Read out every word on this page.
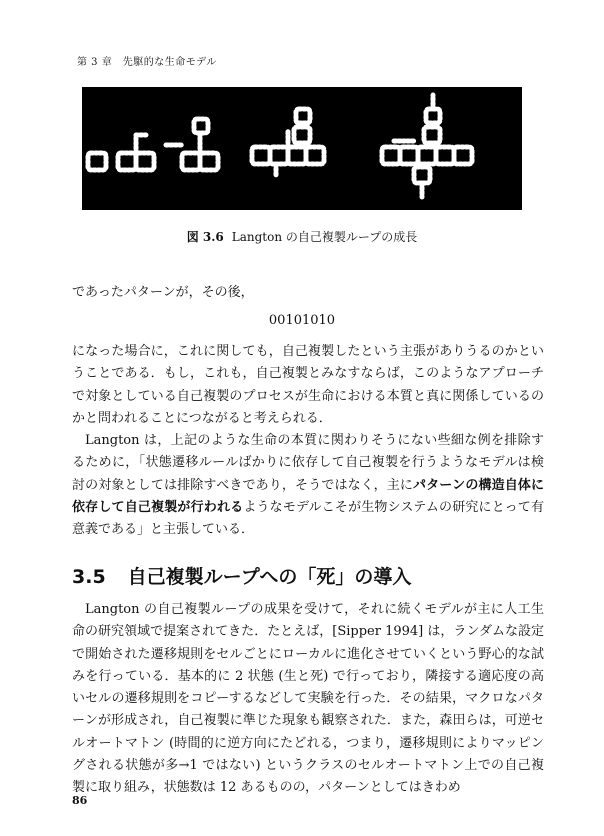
第 3 章　先駆的な生命モデル
図 3.6 Langton の自己複製ループの成長

であったパターンが，その後，

00101010

になった場合に，これに関しても，自己複製したという主張がありうるのかということである．もし，これも，自己複製とみなすならば，このようなアプローチで対象としている自己複製のプロセスが生命における本質と真に関係しているのかと問われることにつながると考えられる．

Langton は，上記のような生命の本質に関わりそうにない些細な例を排除するために，「状態遷移ルールばかりに依存して自己複製を行うようなモデルは検討の対象としては排除すべきであり，そうではなく，主にパターンの構造自体に依存して自己複製が行われるようなモデルこそが生物システムの研究にとって有意義である」と主張している．

3.5 自己複製ループへの「死」の導入

Langton の自己複製ループの成果を受けて，それに続くモデルが主に人工生命の研究領域で提案されてきた．たとえば，[Sipper 1994] は，ランダムな設定で開始された遷移規則をセルごとにローカルに進化させていくという野心的な試みを行っている．基本的に 2 状態 (生と死) で行っており，隣接する適応度の高いセルの遷移規則をコピーするなどして実験を行った．その結果，マクロなパターンが形成され，自己複製に準じた現象も観察された．また，森田らは，可逆セルオートマトン (時間的に逆方向にたどれる，つまり，遷移規則によりマッピングされる状態が多→1 ではない) というクラスのセルオートマトン上での自己複製に取り組み，状態数は 12 あるものの，パターンとしてはきわめ

86
